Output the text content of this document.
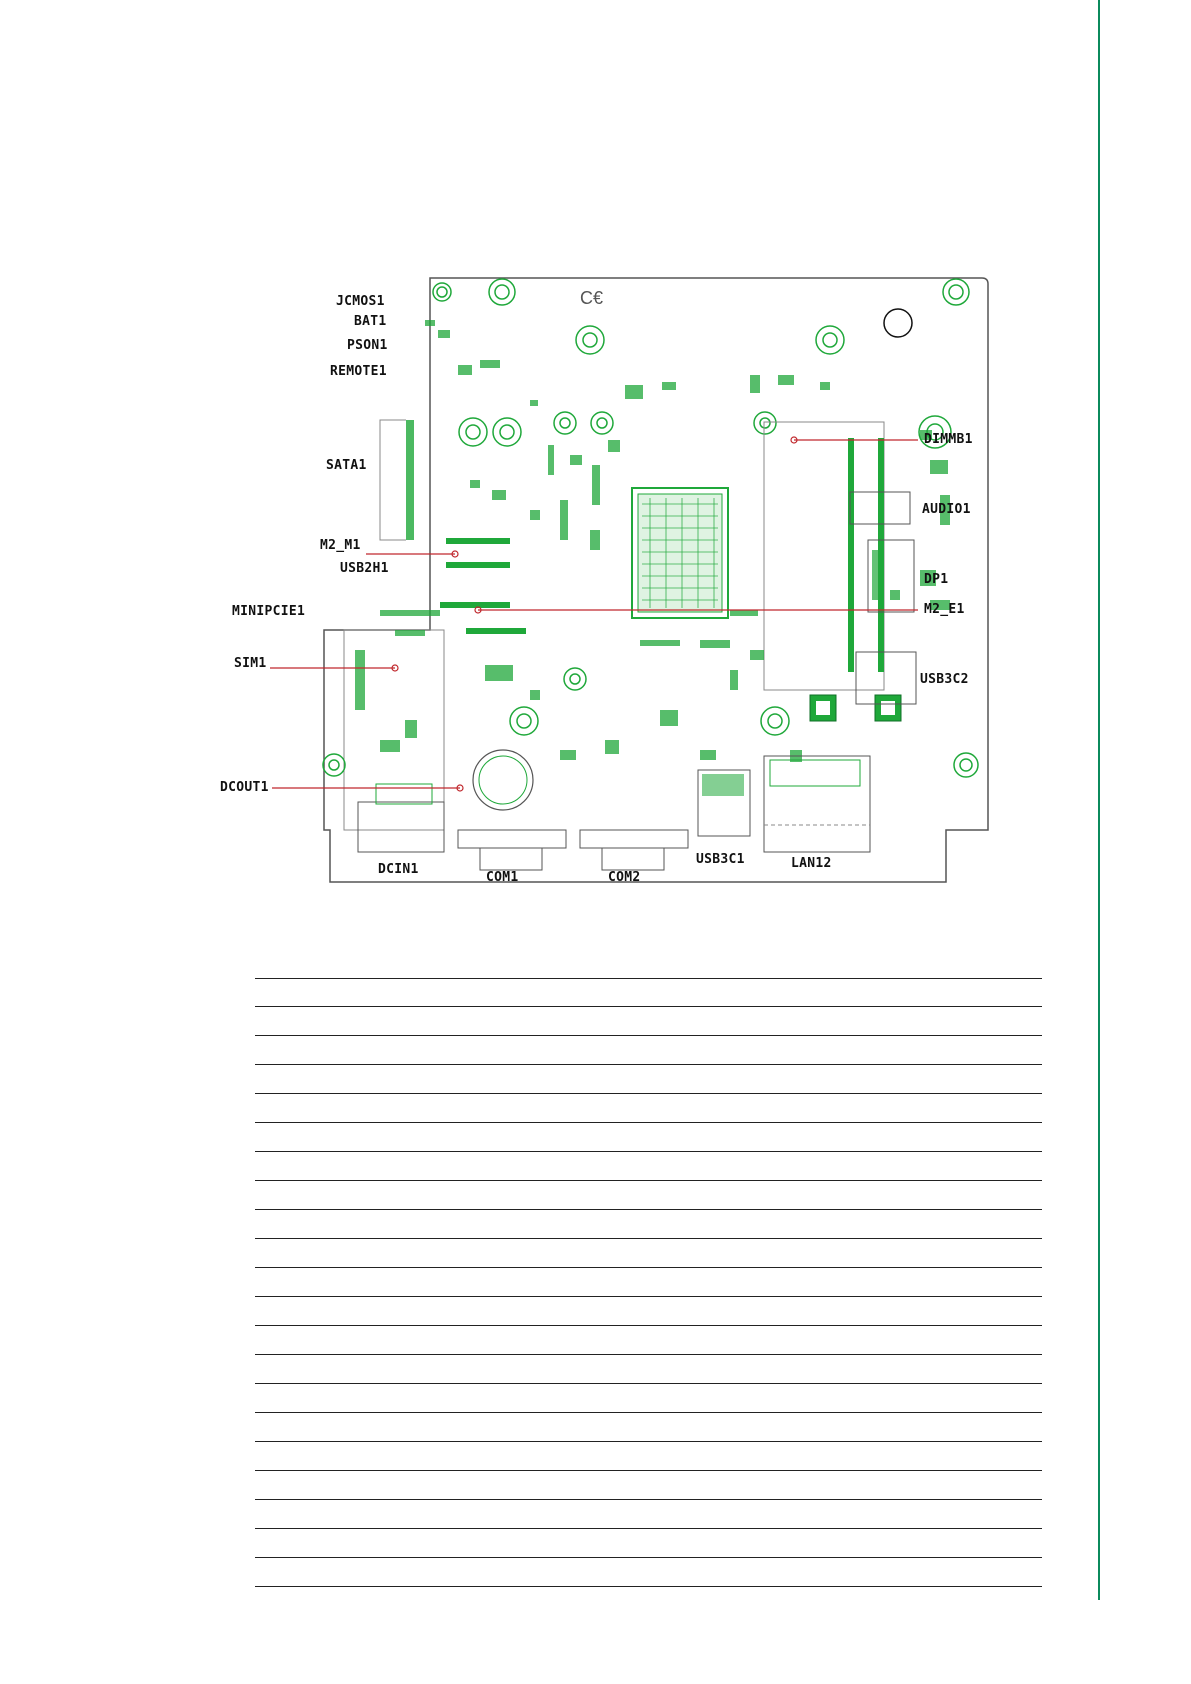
C€
JCMOS1
BAT1
PSON1
REMOTE1
SATA1
M2_M1
USB2H1
MINIPCIE1
SIM1
DCOUT1
DCIN1
COM1	COM2
USB3C1	LAN12
DIMMB1
AUDIO1
DP1
M2_E1
USB3C2
